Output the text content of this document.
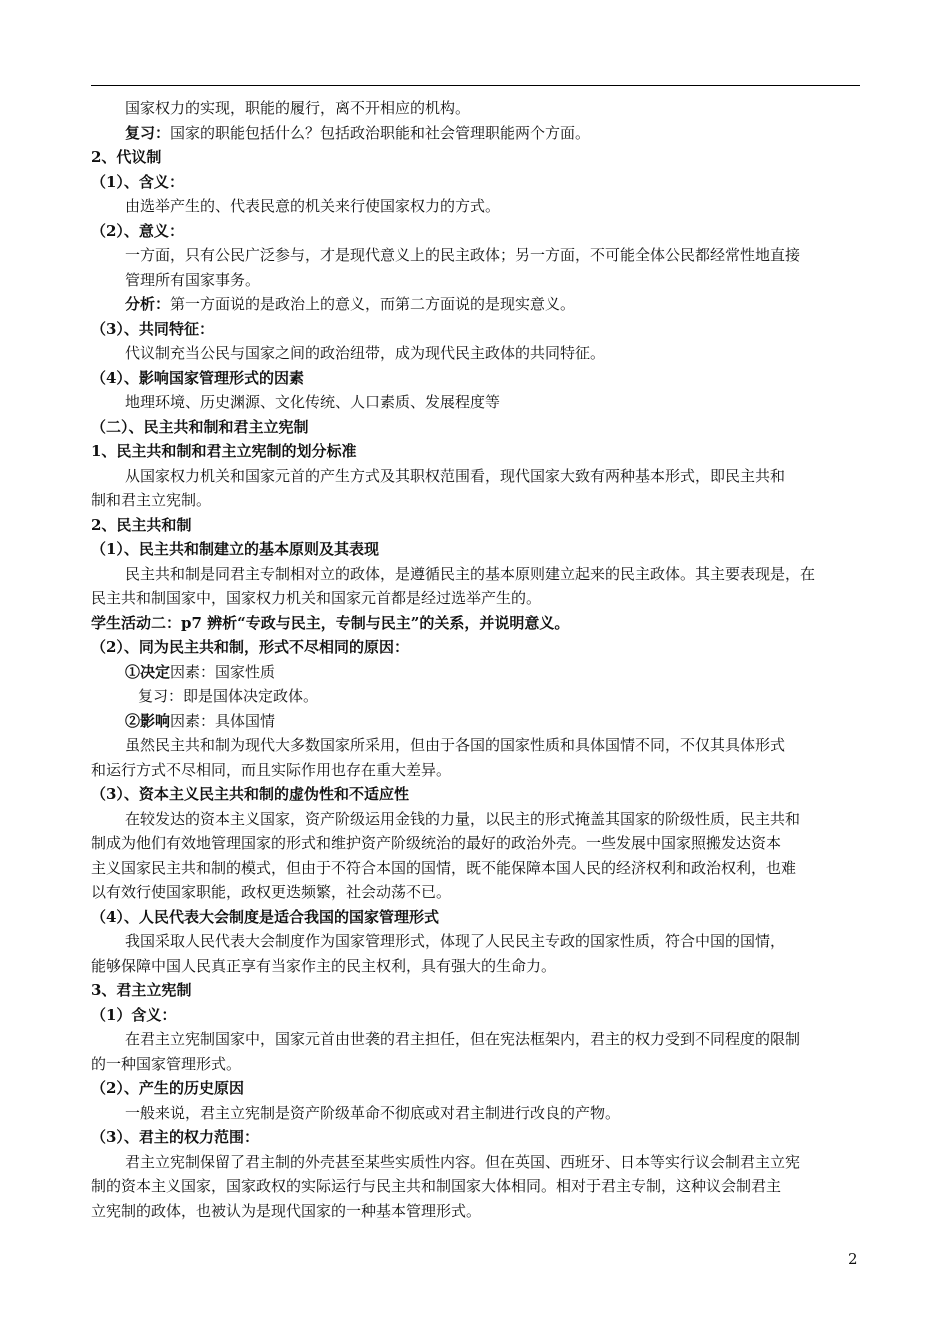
国家权力的实现，职能的履行，离不开相应的机构。

复习：国家的职能包括什么？包括政治职能和社会管理职能两个方面。

2、代议制

（1）、含义：

由选举产生的、代表民意的机关来行使国家权力的方式。

（2）、意义：

一方面，只有公民广泛参与，才是现代意义上的民主政体；另一方面，不可能全体公民都经常性地直接

管理所有国家事务。

分析：第一方面说的是政治上的意义，而第二方面说的是现实意义。

（3）、共同特征：

代议制充当公民与国家之间的政治纽带，成为现代民主政体的共同特征。

（4）、影响国家管理形式的因素

地理环境、历史渊源、文化传统、人口素质、发展程度等

（二）、民主共和制和君主立宪制

1、民主共和制和君主立宪制的划分标准

从国家权力机关和国家元首的产生方式及其职权范围看，现代国家大致有两种基本形式，即民主共和

制和君主立宪制。

2、民主共和制

（1）、民主共和制建立的基本原则及其表现

民主共和制是同君主专制相对立的政体，是遵循民主的基本原则建立起来的民主政体。其主要表现是，在

民主共和制国家中，国家权力机关和国家元首都是经过选举产生的。

学生活动二：p7 辨析“专政与民主，专制与民主”的关系，并说明意义。

（2）、同为民主共和制，形式不尽相同的原因：

①决定因素：国家性质

复习：即是国体决定政体。

②影响因素：具体国情

虽然民主共和制为现代大多数国家所采用，但由于各国的国家性质和具体国情不同，不仅其具体形式

和运行方式不尽相同，而且实际作用也存在重大差异。

（3）、资本主义民主共和制的虚伪性和不适应性

在较发达的资本主义国家，资产阶级运用金钱的力量，以民主的形式掩盖其国家的阶级性质，民主共和

制成为他们有效地管理国家的形式和维护资产阶级统治的最好的政治外壳。一些发展中国家照搬发达资本

主义国家民主共和制的模式，但由于不符合本国的国情，既不能保障本国人民的经济权利和政治权利，也难

以有效行使国家职能，政权更迭频繁，社会动荡不已。

（4）、人民代表大会制度是适合我国的国家管理形式

我国采取人民代表大会制度作为国家管理形式，体现了人民民主专政的国家性质，符合中国的国情，

能够保障中国人民真正享有当家作主的民主权利，具有强大的生命力。

3、君主立宪制

（1）含义：

在君主立宪制国家中，国家元首由世袭的君主担任，但在宪法框架内，君主的权力受到不同程度的限制

的一种国家管理形式。

（2）、产生的历史原因

一般来说，君主立宪制是资产阶级革命不彻底或对君主制进行改良的产物。

（3）、君主的权力范围：

君主立宪制保留了君主制的外壳甚至某些实质性内容。但在英国、西班牙、日本等实行议会制君主立宪

制的资本主义国家，国家政权的实际运行与民主共和制国家大体相同。相对于君主专制，这种议会制君主

立宪制的政体，也被认为是现代国家的一种基本管理形式。

2
